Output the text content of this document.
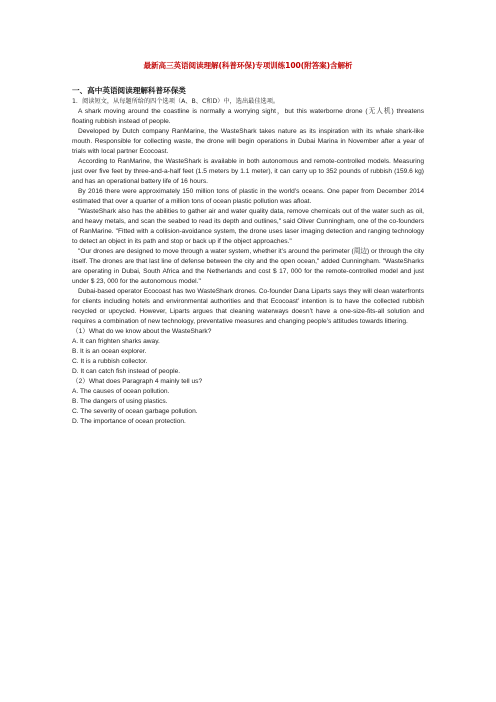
最新高三英语阅读理解(科普环保)专项训练100(附答案)含解析
一、高中英语阅读理解科普环保类

1．阅读短文，从每题所给的四个选项（A、B、C和D）中，选出最佳选项。

A shark moving around the coastline is normally a worrying sight，but this waterborne drone (无人机) threatens floating rubbish instead of people.

Developed by Dutch company RanMarine, the WasteShark takes nature as its inspiration with its whale shark-like mouth. Responsible for collecting waste, the drone will begin operations in Dubai Marina in November after a year of trials with local partner Ecocoast.

According to RanMarine, the WasteShark is available in both autonomous and remote-controlled models. Measuring just over five feet by three-and-a-half feet (1.5 meters by 1.1 meter), it can carry up to 352 pounds of rubbish (159.6 kg) and has an operational battery life of 16 hours.

By 2016 there were approximately 150 million tons of plastic in the world’s oceans. One paper from December 2014 estimated that over a quarter of a million tons of ocean plastic pollution was afloat.

"WasteShark also has the abilities to gather air and water quality data, remove chemicals out of the water such as oil, and heavy metals, and scan the seabed to read its depth and outlines," said Oliver Cunningham, one of the co-founders of RanMarine. "Fitted with a collision-avoidance system, the drone uses laser imaging detection and ranging technology to detect an object in its path and stop or back up if the object approaches."

"Our drones are designed to move through a water system, whether it’s around the perimeter (周边) or through the city itself. The drones are that last line of defense between the city and the open ocean," added Cunningham. "WasteSharks are operating in Dubai, South Africa and the Netherlands and cost $ 17, 000 for the remote-controlled model and just under $ 23, 000 for the autonomous model."

Dubai-based operator Ecocoast has two WasteShark drones. Co-founder Dana Liparts says they will clean waterfronts for clients including hotels and environmental authorities and that Ecocoast’ intention is to have the collected rubbish recycled or upcycled. However, Liparts argues that cleaning waterways doesn’t have a one-size-fits-all solution and requires a combination of new technology, preventative measures and changing people’s attitudes towards littering.

（1）What do we know about the WasteShark?

A. It can frighten sharks away.

B. It is an ocean explorer.

C. It is a rubbish collector.

D. It can catch fish instead of people.

（2）What does Paragraph 4 mainly tell us?

A. The causes of ocean pollution.

B. The dangers of using plastics.

C. The severity of ocean garbage pollution.

D. The importance of ocean protection.
